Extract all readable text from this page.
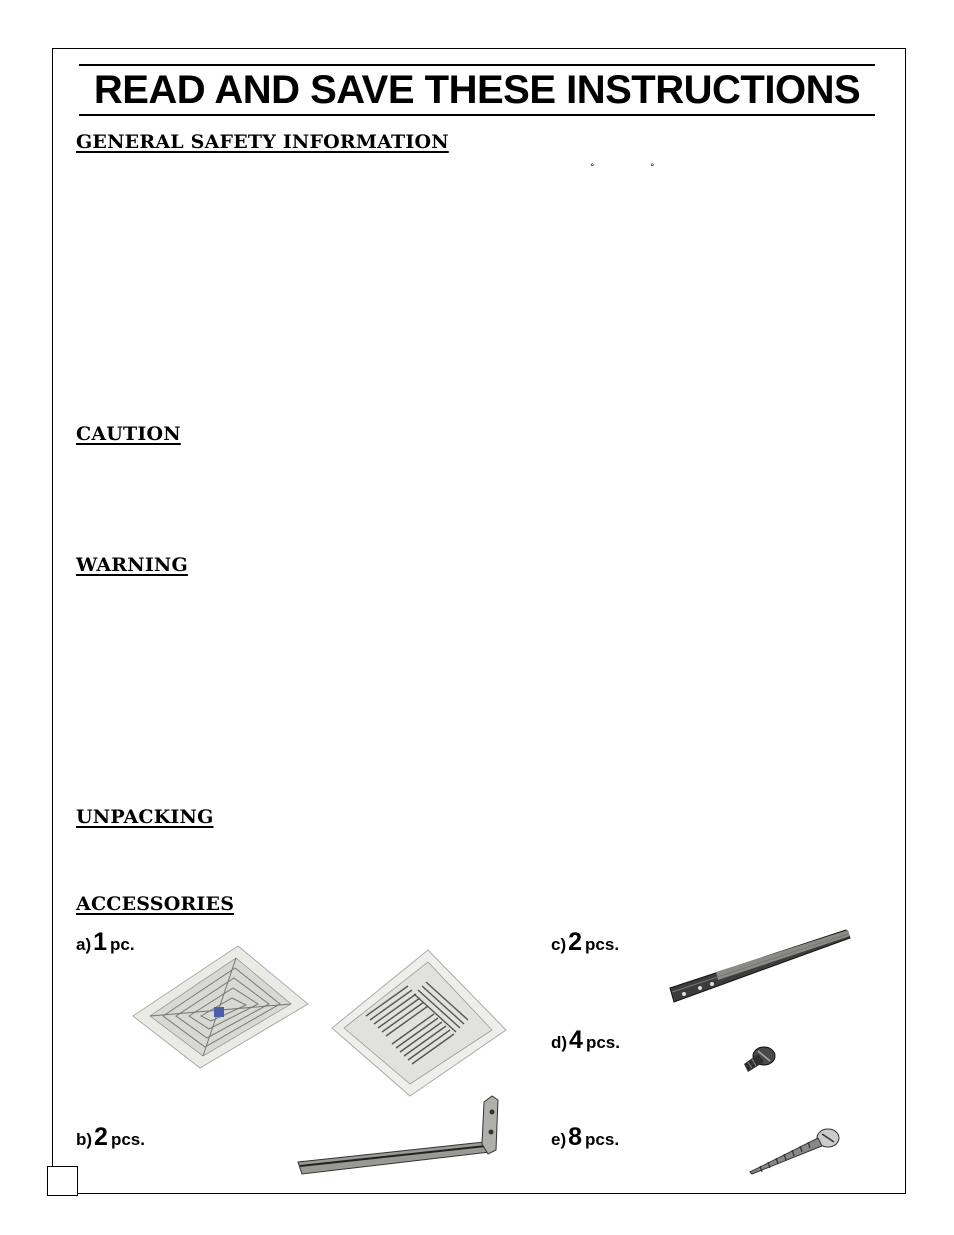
READ AND SAVE THESE INSTRUCTIONS
GENERAL SAFETY INFORMATION
°	°
CAUTION
WARNING
UNPACKING
ACCESSORIES
a)1 pc.
b)2 pcs.
c)2 pcs.
d)4 pcs.
e)8 pcs.
